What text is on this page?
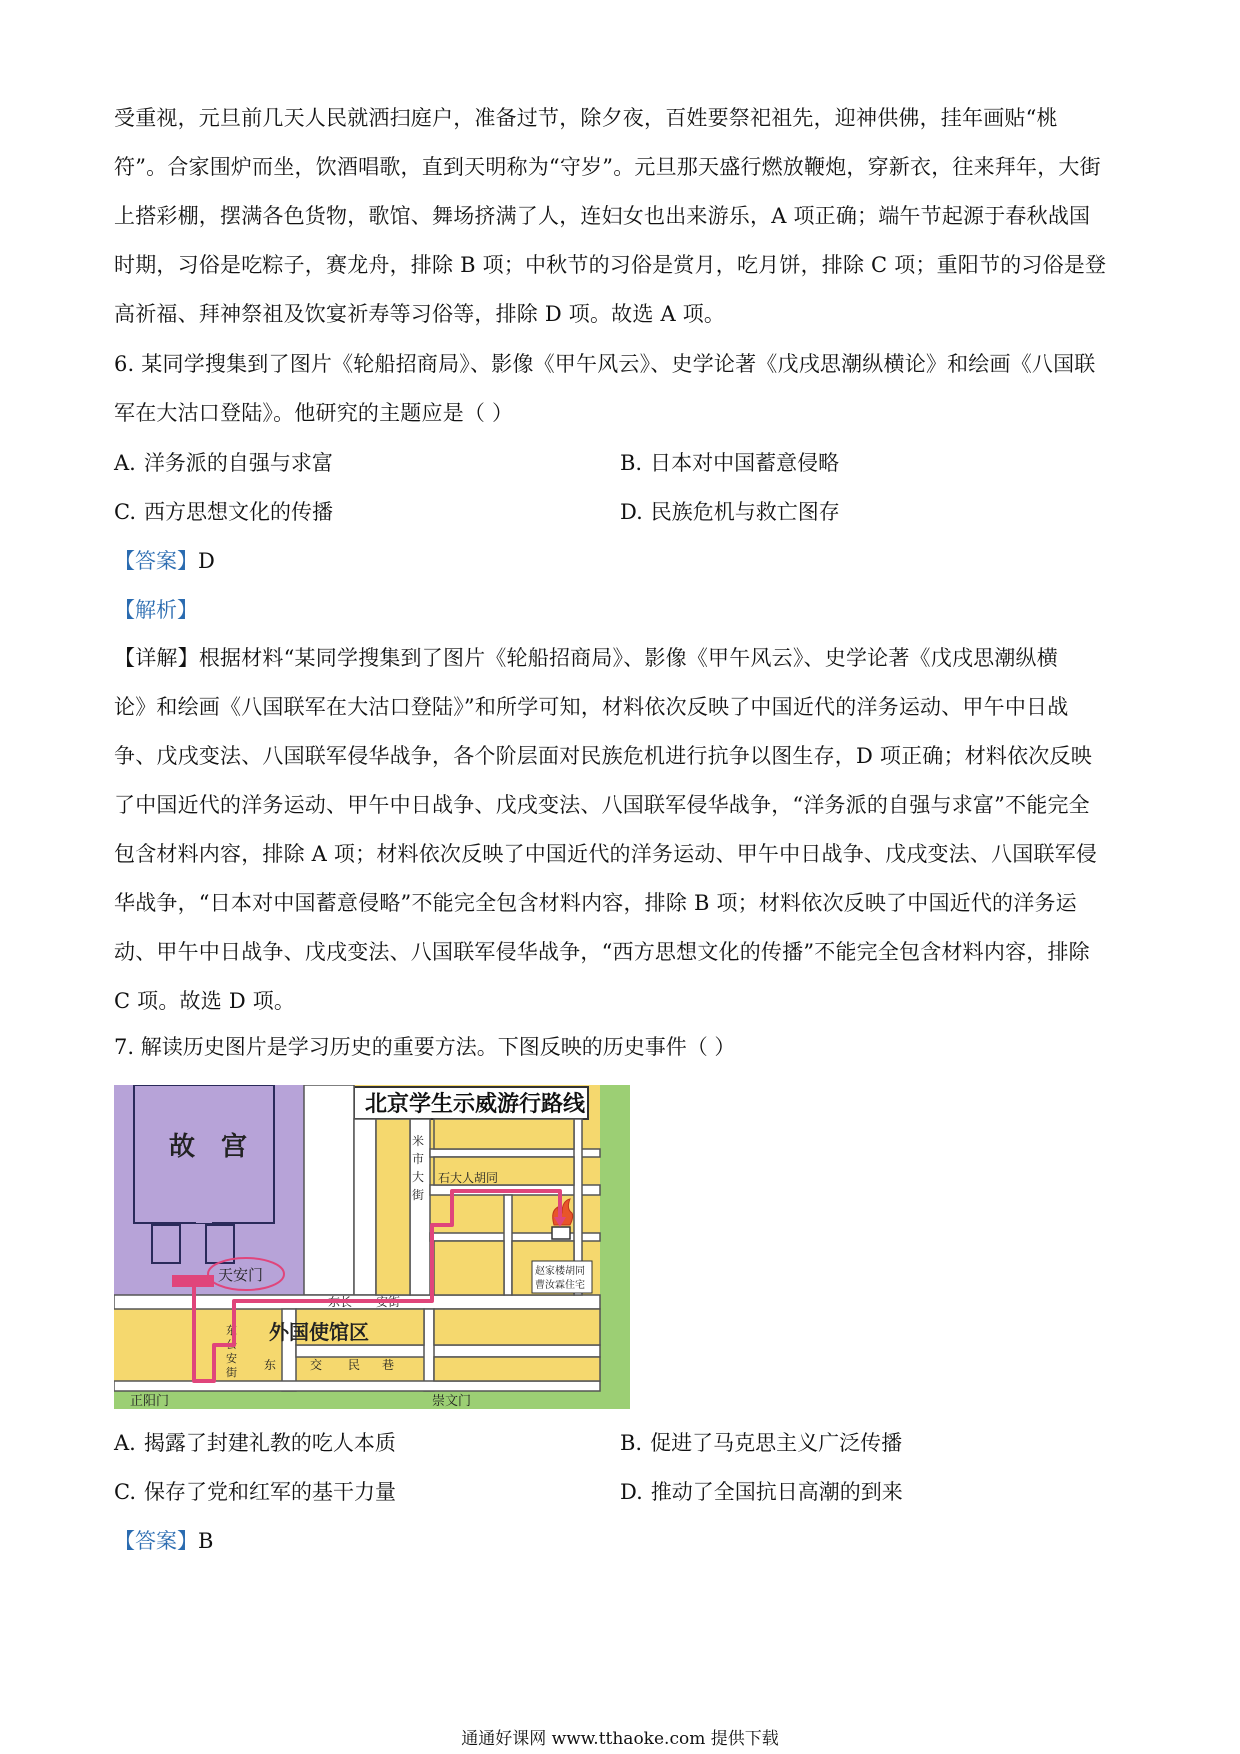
受重视，元旦前几天人民就洒扫庭户，准备过节，除夕夜，百姓要祭祀祖先，迎神供佛，挂年画贴“桃
符”。合家围炉而坐，饮酒唱歌，直到天明称为“守岁”。元旦那天盛行燃放鞭炮，穿新衣，往来拜年，大街
上搭彩棚，摆满各色货物，歌馆、舞场挤满了人，连妇女也出来游乐，A 项正确；端午节起源于春秋战国
时期，习俗是吃粽子，赛龙舟，排除 B 项；中秋节的习俗是赏月，吃月饼，排除 C 项；重阳节的习俗是登
高祈福、拜神祭祖及饮宴祈寿等习俗等，排除 D 项。故选 A 项。
6. 某同学搜集到了图片《轮船招商局》、影像《甲午风云》、史学论著《戊戌思潮纵横论》和绘画《八国联
军在大沽口登陆》。他研究的主题应是（ ）
A. 洋务派的自强与求富	B. 日本对中国蓄意侵略
C. 西方思想文化的传播	D. 民族危机与救亡图存
【答案】D
【解析】
【详解】根据材料“某同学搜集到了图片《轮船招商局》、影像《甲午风云》、史学论著《戊戌思潮纵横
论》和绘画《八国联军在大沽口登陆》”和所学可知，材料依次反映了中国近代的洋务运动、甲午中日战
争、戊戌变法、八国联军侵华战争，各个阶层面对民族危机进行抗争以图生存，D 项正确；材料依次反映
了中国近代的洋务运动、甲午中日战争、戊戌变法、八国联军侵华战争，“洋务派的自强与求富”不能完全
包含材料内容，排除 A 项；材料依次反映了中国近代的洋务运动、甲午中日战争、戊戌变法、八国联军侵
华战争，“日本对中国蓄意侵略”不能完全包含材料内容，排除 B 项；材料依次反映了中国近代的洋务运
动、甲午中日战争、戊戌变法、八国联军侵华战争，“西方思想文化的传播”不能完全包含材料内容，排除
C 项。故选 D 项。
7. 解读历史图片是学习历史的重要方法。下图反映的历史事件（ ）
故　宫
北京学生示威游行路线
米
市
大
街
石大人胡同
东长 安街
东
公
安
街
外国使馆区
东	交 民 巷
正阳门	崇文门
赵家楼胡同
曹汝霖住宅
天安门
A. 揭露了封建礼教的吃人本质	B. 促进了马克思主义广泛传播
C. 保存了党和红军的基干力量	D. 推动了全国抗日高潮的到来
【答案】B
通通好课网 www.tthaoke.com 提供下载
